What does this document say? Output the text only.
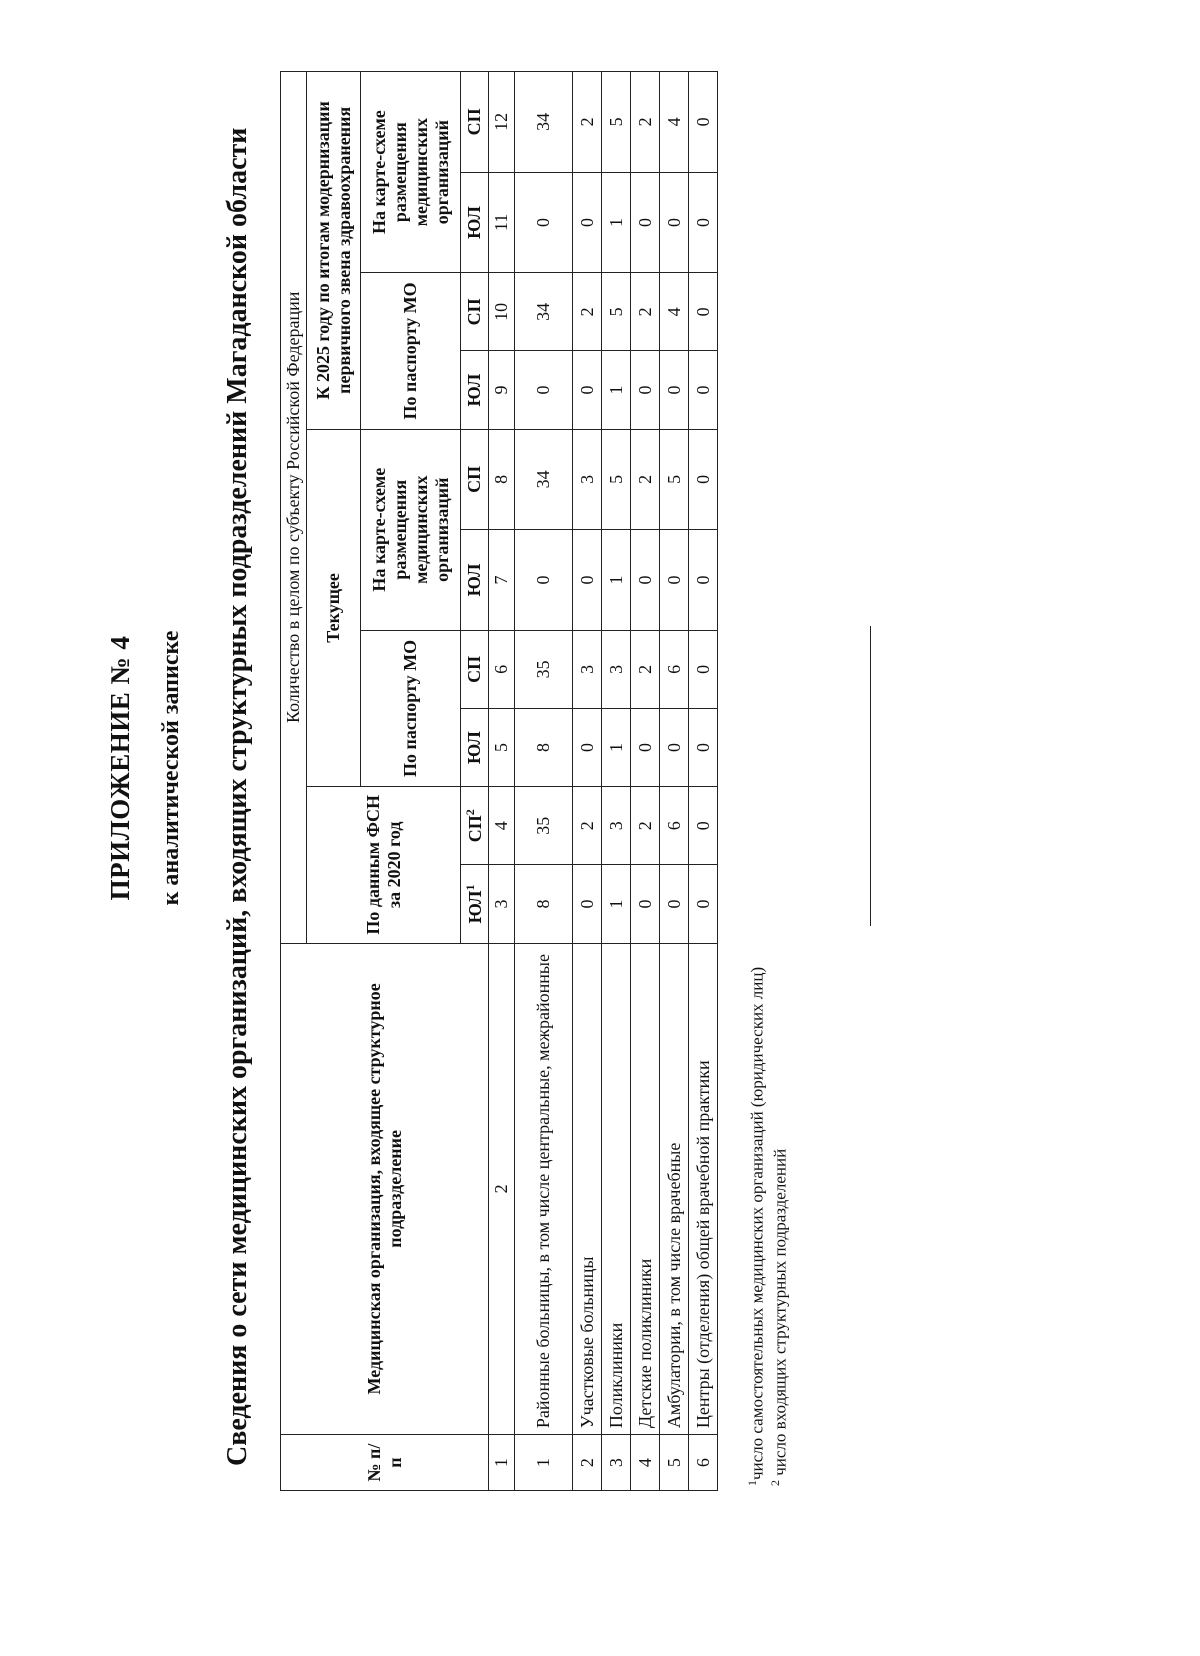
ПРИЛОЖЕНИЕ № 4 к аналитической записке Сведения о сети медицинских организаций, входящих структурных подразделений Магаданской области	№ п/п	Медицинская организация, входящее структурное подразделение	Количество в целом по субъекту Российской Федерации									
		По данным ФСН за 2020 год		Текущее				К 2025 году по итогам модернизации первичного звена здравоохранения			
				По паспорту МО		На карте-схеме размещения медицинских организаций		По паспорту МО		На карте-схеме размещения медицинских организаций	
		$ЮЛ^1$	$СП^2$	ЮЛ	СП	ЮЛ	СП	ЮЛ	СП	ЮЛ	СП
1	2	3	4	5	6	7	8	9	10	11	12
1	Районные больницы, в том числе центральные, межрайонные	8	35	8	35	0	34	0	34	0	34
2	Участковые больницы	0	2	0	3	0	3	0	2	0	2
3	Поликлиники	1	3	1	3	1	5	1	5	1	5
4	Детские поликлиники	0	2	0	2	0	2	0	2	0	2
5	Амбулатории, в том числе врачебные	0	6	0	6	0	5	0	4	0	4
6	Центры (отделения) общей врачебной практики	0	0	0	0	0	0	0	0	0	0
$^1$число самостоятельных медицинских организаций (юридических лиц)
$^2$ число входящих структурных подразделений
